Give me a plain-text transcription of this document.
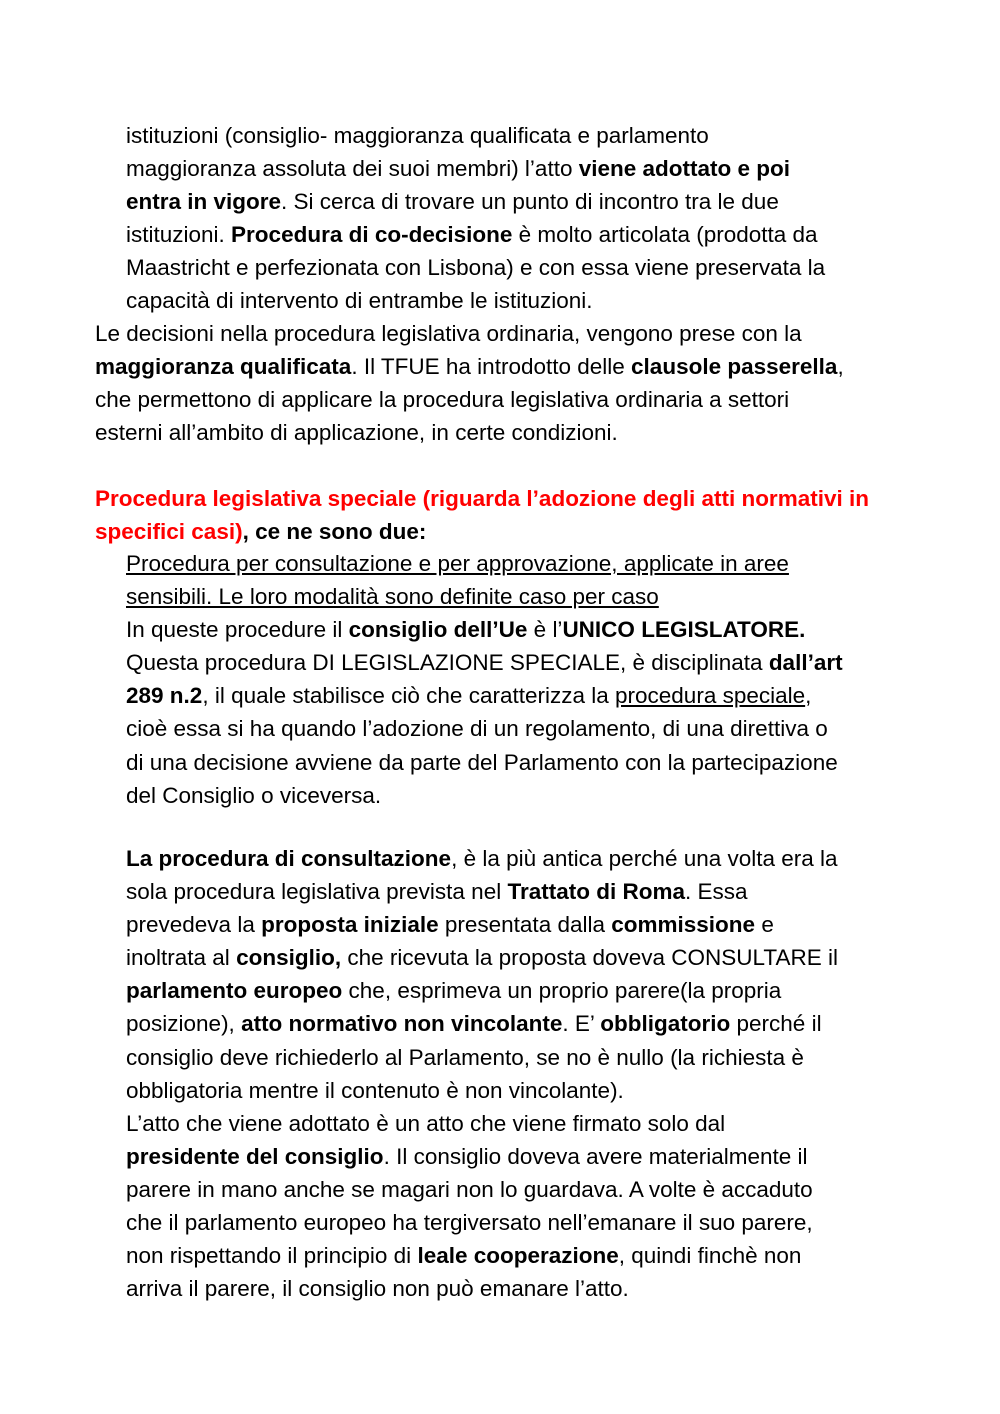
istituzioni (consiglio- maggioranza qualificata e parlamento
maggioranza assoluta dei suoi membri) l’atto viene adottato e poi
entra in vigore. Si cerca di trovare un punto di incontro tra le due
istituzioni. Procedura di co-decisione è molto articolata (prodotta da
Maastricht e perfezionata con Lisbona) e con essa viene preservata la
capacità di intervento di entrambe le istituzioni.
Le decisioni nella procedura legislativa ordinaria, vengono prese con la
maggioranza qualificata. Il TFUE ha introdotto delle clausole passerella,
che permettono di applicare la procedura legislativa ordinaria a settori
esterni all’ambito di applicazione, in certe condizioni.
Procedura legislativa speciale (riguarda l’adozione degli atti normativi in
specifici casi), ce ne sono due:
Procedura per consultazione e per approvazione, applicate in aree
sensibili. Le loro modalità sono definite caso per caso
In queste procedure il consiglio dell’Ue è l’UNICO LEGISLATORE.
Questa procedura DI LEGISLAZIONE SPECIALE, è disciplinata dall’art
289 n.2, il quale stabilisce ciò che caratterizza la procedura speciale,
cioè essa si ha quando l’adozione di un regolamento, di una direttiva o
di una decisione avviene da parte del Parlamento con la partecipazione
del Consiglio o viceversa.
La procedura di consultazione, è la più antica perché una volta era la
sola procedura legislativa prevista nel Trattato di Roma. Essa
prevedeva la proposta iniziale presentata dalla commissione e
inoltrata al consiglio, che ricevuta la proposta doveva CONSULTARE il
parlamento europeo che, esprimeva un proprio parere(la propria
posizione), atto normativo non vincolante. E’ obbligatorio perché il
consiglio deve richiederlo al Parlamento, se no è nullo (la richiesta è
obbligatoria mentre il contenuto è non vincolante).
L’atto che viene adottato è un atto che viene firmato solo dal
presidente del consiglio. Il consiglio doveva avere materialmente il
parere in mano anche se magari non lo guardava. A volte è accaduto
che il parlamento europeo ha tergiversato nell’emanare il suo parere,
non rispettando il principio di leale cooperazione, quindi finchè non
arriva il parere, il consiglio non può emanare l’atto.
